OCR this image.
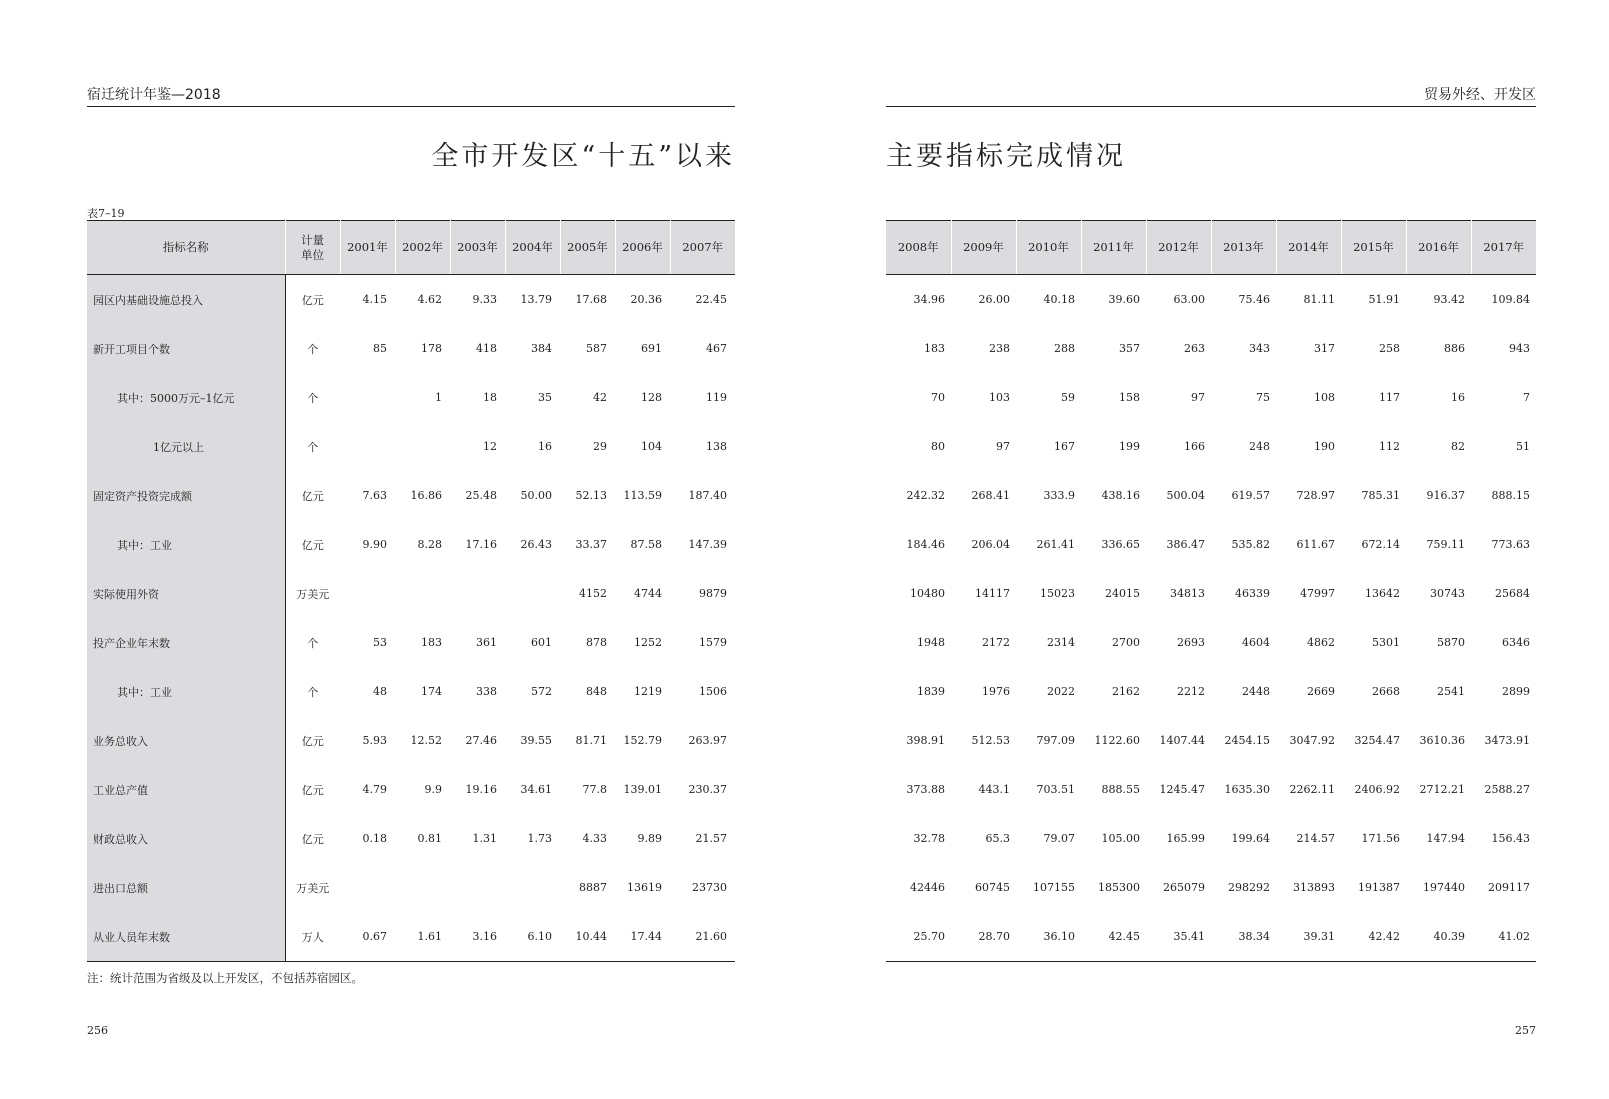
宿迁统计年鉴—2018	贸易外经、开发区
全市开发区“十五”以来	主要指标完成情况
表7–19
指标名称	计量
单位	2001年	2002年	2003年	2004年	2005年	2006年	2007年
园区内基础设施总投入	亿元	4.15	4.62	9.33	13.79	17.68	20.36	22.45
新开工项目个数	个	85	178	418	384	587	691	467
其中：5000万元–1亿元	个		1	18	35	42	128	119
1亿元以上	个			12	16	29	104	138
固定资产投资完成额	亿元	7.63	16.86	25.48	50.00	52.13	113.59	187.40
其中：工业	亿元	9.90	8.28	17.16	26.43	33.37	87.58	147.39
实际使用外资	万美元					4152	4744	9879
投产企业年末数	个	53	183	361	601	878	1252	1579
其中：工业	个	48	174	338	572	848	1219	1506
业务总收入	亿元	5.93	12.52	27.46	39.55	81.71	152.79	263.97
工业总产值	亿元	4.79	9.9	19.16	34.61	77.8	139.01	230.37
财政总收入	亿元	0.18	0.81	1.31	1.73	4.33	9.89	21.57
进出口总额	万美元					8887	13619	23730
从业人员年末数	万人	0.67	1.61	3.16	6.10	10.44	17.44	21.60
2008年	2009年	2010年	2011年	2012年	2013年	2014年	2015年	2016年	2017年
34.96	26.00	40.18	39.60	63.00	75.46	81.11	51.91	93.42	109.84
183	238	288	357	263	343	317	258	886	943
70	103	59	158	97	75	108	117	16	7
80	97	167	199	166	248	190	112	82	51
242.32	268.41	333.9	438.16	500.04	619.57	728.97	785.31	916.37	888.15
184.46	206.04	261.41	336.65	386.47	535.82	611.67	672.14	759.11	773.63
10480	14117	15023	24015	34813	46339	47997	13642	30743	25684
1948	2172	2314	2700	2693	4604	4862	5301	5870	6346
1839	1976	2022	2162	2212	2448	2669	2668	2541	2899
398.91	512.53	797.09	1122.60	1407.44	2454.15	3047.92	3254.47	3610.36	3473.91
373.88	443.1	703.51	888.55	1245.47	1635.30	2262.11	2406.92	2712.21	2588.27
32.78	65.3	79.07	105.00	165.99	199.64	214.57	171.56	147.94	156.43
42446	60745	107155	185300	265079	298292	313893	191387	197440	209117
25.70	28.70	36.10	42.45	35.41	38.34	39.31	42.42	40.39	41.02
注：统计范围为省级及以上开发区，不包括苏宿园区。
256	257
